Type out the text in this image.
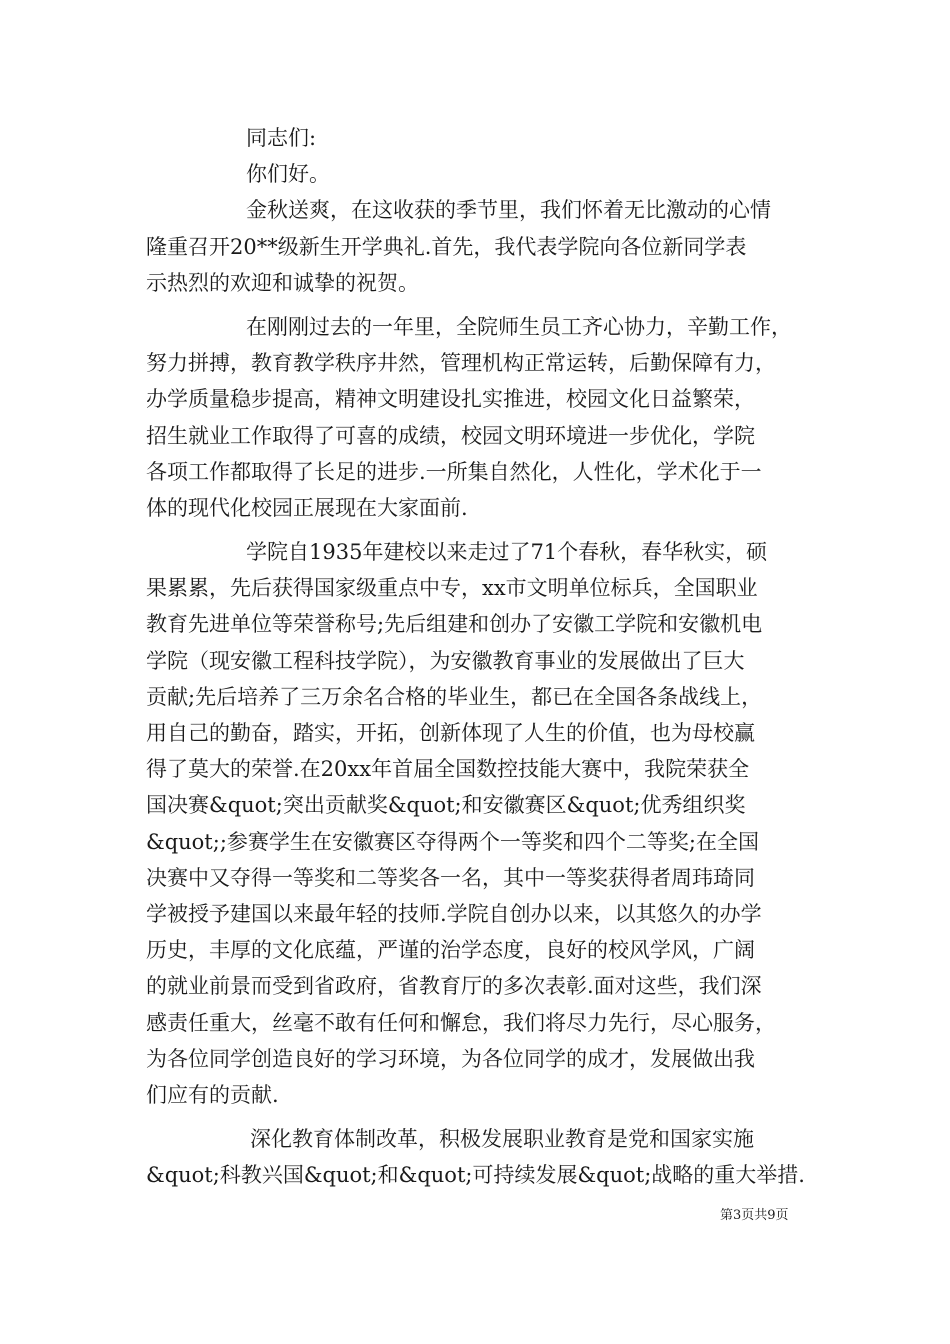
同志们:
你们好。
金秋送爽，在这收获的季节里，我们怀着无比激动的心情
隆重召开20**级新生开学典礼.首先，我代表学院向各位新同学表
示热烈的欢迎和诚挚的祝贺。
在刚刚过去的一年里，全院师生员工齐心协力，辛勤工作，
努力拼搏，教育教学秩序井然，管理机构正常运转，后勤保障有力，
办学质量稳步提高，精神文明建设扎实推进，校园文化日益繁荣，
招生就业工作取得了可喜的成绩，校园文明环境进一步优化，学院
各项工作都取得了长足的进步.一所集自然化，人性化，学术化于一
体的现代化校园正展现在大家面前.
学院自1935年建校以来走过了71个春秋，春华秋实，硕
果累累，先后获得国家级重点中专，xx市文明单位标兵，全国职业
教育先进单位等荣誉称号;先后组建和创办了安徽工学院和安徽机电
学院（现安徽工程科技学院），为安徽教育事业的发展做出了巨大
贡献;先后培养了三万余名合格的毕业生，都已在全国各条战线上，
用自己的勤奋，踏实，开拓，创新体现了人生的价值，也为母校赢
得了莫大的荣誉.在20xx年首届全国数控技能大赛中，我院荣获全
国决赛&quot;突出贡献奖&quot;和安徽赛区&quot;优秀组织奖
&quot;;参赛学生在安徽赛区夺得两个一等奖和四个二等奖;在全国
决赛中又夺得一等奖和二等奖各一名，其中一等奖获得者周玮琦同
学被授予建国以来最年轻的技师.学院自创办以来，以其悠久的办学
历史，丰厚的文化底蕴，严谨的治学态度，良好的校风学风，广阔
的就业前景而受到省政府，省教育厅的多次表彰.面对这些，我们深
感责任重大，丝毫不敢有任何和懈怠，我们将尽力先行，尽心服务，
为各位同学创造良好的学习环境，为各位同学的成才，发展做出我
们应有的贡献.
深化教育体制改革，积极发展职业教育是党和国家实施
&quot;科教兴国&quot;和&quot;可持续发展&quot;战略的重大举措.
第3页共9页
